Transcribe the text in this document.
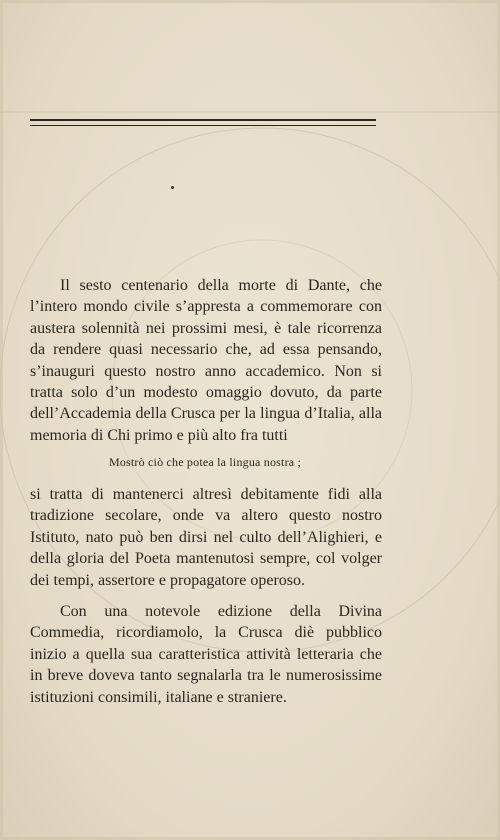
Il sesto centenario della morte di Dante, che l’intero mondo civile s’appresta a commemorare con austera solennità nei prossimi mesi, è tale ricorrenza da rendere quasi necessario che, ad essa pensando, s’inauguri questo nostro anno accademico. Non si tratta solo d’un modesto omaggio dovuto, da parte dell’Accademia della Crusca per la lingua d’Italia, alla memoria di Chi primo e più alto fra tutti

Mostrò ciò che potea la lingua nostra ;

si tratta di mantenerci altresì debitamente fidi alla tradizione secolare, onde va altero questo nostro Istituto, nato può ben dirsi nel culto dell’Alighieri, e della gloria del Poeta mantenutosi sempre, col volger dei tempi, assertore e propagatore operoso.

Con una notevole edizione della Divina Commedia, ricordiamolo, la Crusca diè pubblico inizio a quella sua caratteristica attività letteraria che in breve doveva tanto segnalarla tra le numerosissime istituzioni consimili, italiane e straniere.
